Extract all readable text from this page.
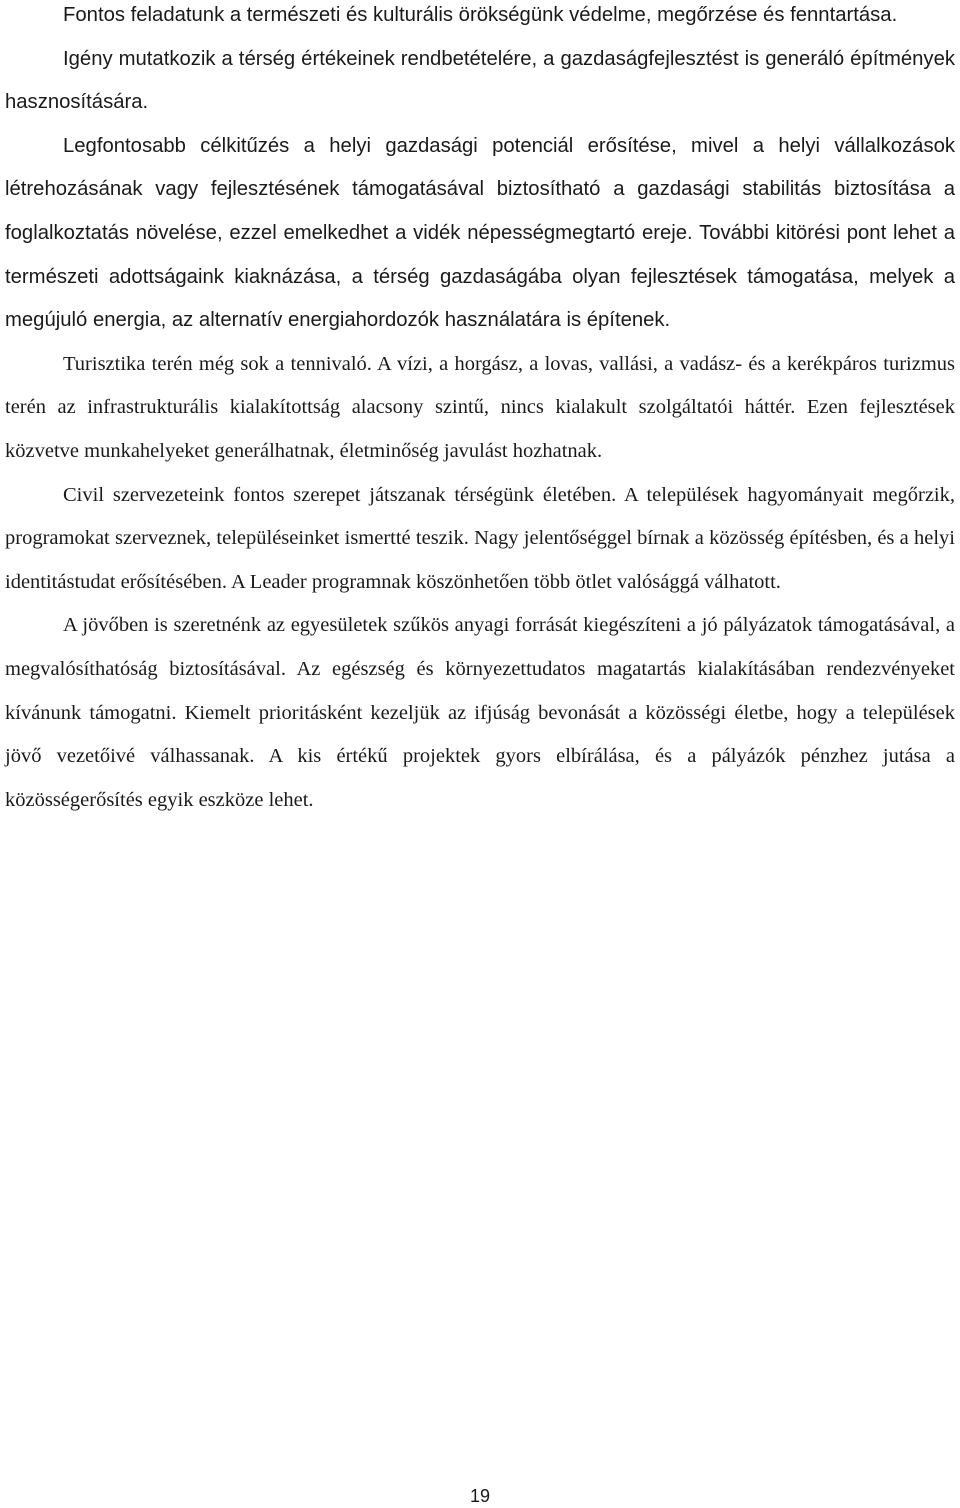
Fontos feladatunk a természeti és kulturális örökségünk védelme, megőrzése és fenntartása.

Igény mutatkozik a térség értékeinek rendbetételére, a gazdaságfejlesztést is generáló építmények hasznosítására.

Legfontosabb célkitűzés a helyi gazdasági potenciál erősítése, mivel a helyi vállalkozások létrehozásának vagy fejlesztésének támogatásával biztosítható a gazdasági stabilitás biztosítása a foglalkoztatás növelése, ezzel emelkedhet a vidék népességmegtartó ereje. További kitörési pont lehet a természeti adottságaink kiaknázása, a térség gazdaságába olyan fejlesztések támogatása, melyek a megújuló energia, az alternatív energiahordozók használatára is építenek.

Turisztika terén még sok a tennivaló. A vízi, a horgász, a lovas, vallási, a vadász- és a kerékpáros turizmus terén az infrastrukturális kialakítottság alacsony szintű, nincs kialakult szolgáltatói háttér. Ezen fejlesztések közvetve munkahelyeket generálhatnak, életminőség javulást hozhatnak.

Civil szervezeteink fontos szerepet játszanak térségünk életében. A települések hagyományait megőrzik, programokat szerveznek, településeinket ismertté teszik. Nagy jelentőséggel bírnak a közösség építésben, és a helyi identitástudat erősítésében. A Leader programnak köszönhetően több ötlet valósággá válhatott.

A jövőben is szeretnénk az egyesületek szűkös anyagi forrását kiegészíteni a jó pályázatok támogatásával, a megvalósíthatóság biztosításával. Az egészség és környezettudatos magatartás kialakításában rendezvényeket kívánunk támogatni. Kiemelt prioritásként kezeljük az ifjúság bevonását a közösségi életbe, hogy a települések jövő vezetőivé válhassanak. A kis értékű projektek gyors elbírálása, és a pályázók pénzhez jutása a közösségerősítés egyik eszköze lehet.

19
